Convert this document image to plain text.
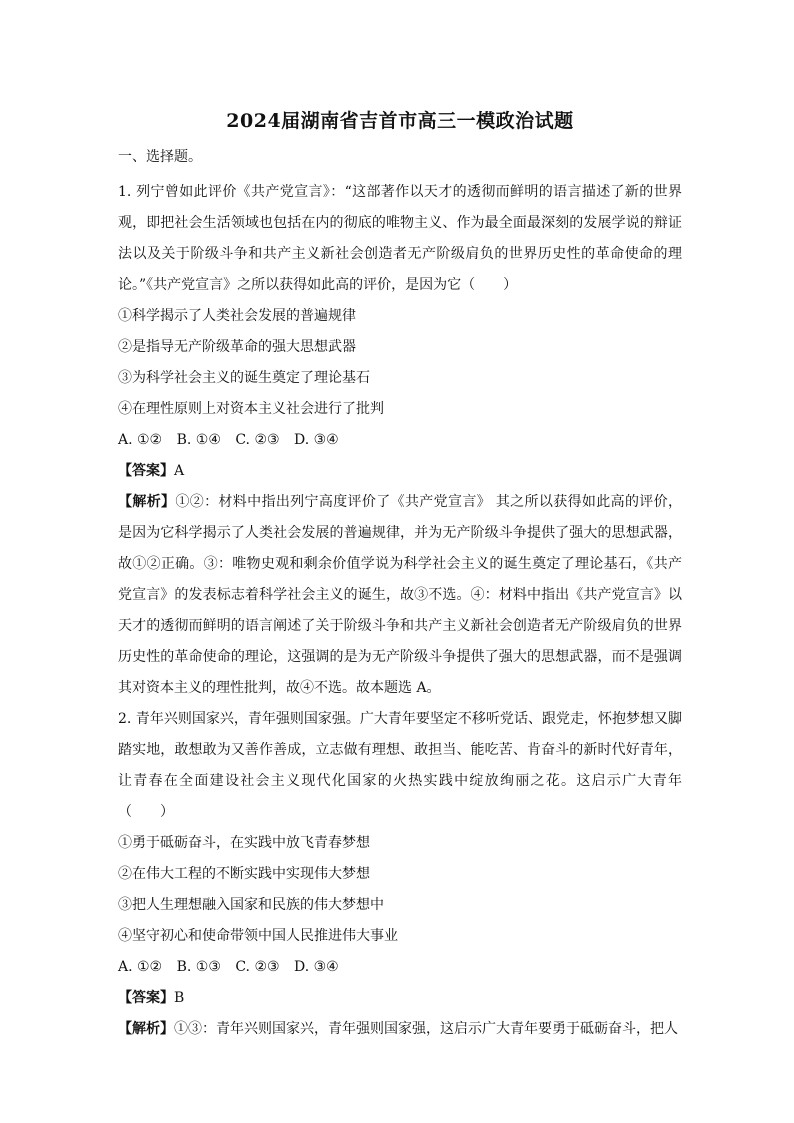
2024届湖南省吉首市高三一模政治试题
一、选择题。

1. 列宁曾如此评价《共产党宣言》：“这部著作以天才的透彻而鲜明的语言描述了新的世界观，即把社会生活领域也包括在内的彻底的唯物主义、作为最全面最深刻的发展学说的辩证法以及关于阶级斗争和共产主义新社会创造者无产阶级肩负的世界历史性的革命使命的理论。”《共产党宣言》之所以获得如此高的评价，是因为它（　　）

①科学揭示了人类社会发展的普遍规律

②是指导无产阶级革命的强大思想武器

③为科学社会主义的诞生奠定了理论基石

④在理性原则上对资本主义社会进行了批判

A. ①② B. ①④ C. ②③ D. ③④

【答案】A

【解析】①②：材料中指出列宁高度评价了《共产党宣言》 其之所以获得如此高的评价，是因为它科学揭示了人类社会发展的普遍规律，并为无产阶级斗争提供了强大的思想武器，故①②正确。③：唯物史观和剩余价值学说为科学社会主义的诞生奠定了理论基石，《共产党宣言》的发表标志着科学社会主义的诞生，故③不选。④：材料中指出《共产党宣言》以天才的透彻而鲜明的语言阐述了关于阶级斗争和共产主义新社会创造者无产阶级肩负的世界历史性的革命使命的理论，这强调的是为无产阶级斗争提供了强大的思想武器，而不是强调其对资本主义的理性批判，故④不选。故本题选 A。

2. 青年兴则国家兴，青年强则国家强。广大青年要坚定不移听党话、跟党走，怀抱梦想又脚踏实地，敢想敢为又善作善成，立志做有理想、敢担当、能吃苦、肯奋斗的新时代好青年，让青春在全面建设社会主义现代化国家的火热实践中绽放绚丽之花。这启示广大青年（　　）

①勇于砥砺奋斗，在实践中放飞青春梦想

②在伟大工程的不断实践中实现伟大梦想

③把人生理想融入国家和民族的伟大梦想中

④坚守初心和使命带领中国人民推进伟大事业

A. ①② B. ①③ C. ②③ D. ③④

【答案】B

【解析】①③：青年兴则国家兴，青年强则国家强，这启示广大青年要勇于砥砺奋斗，把人
